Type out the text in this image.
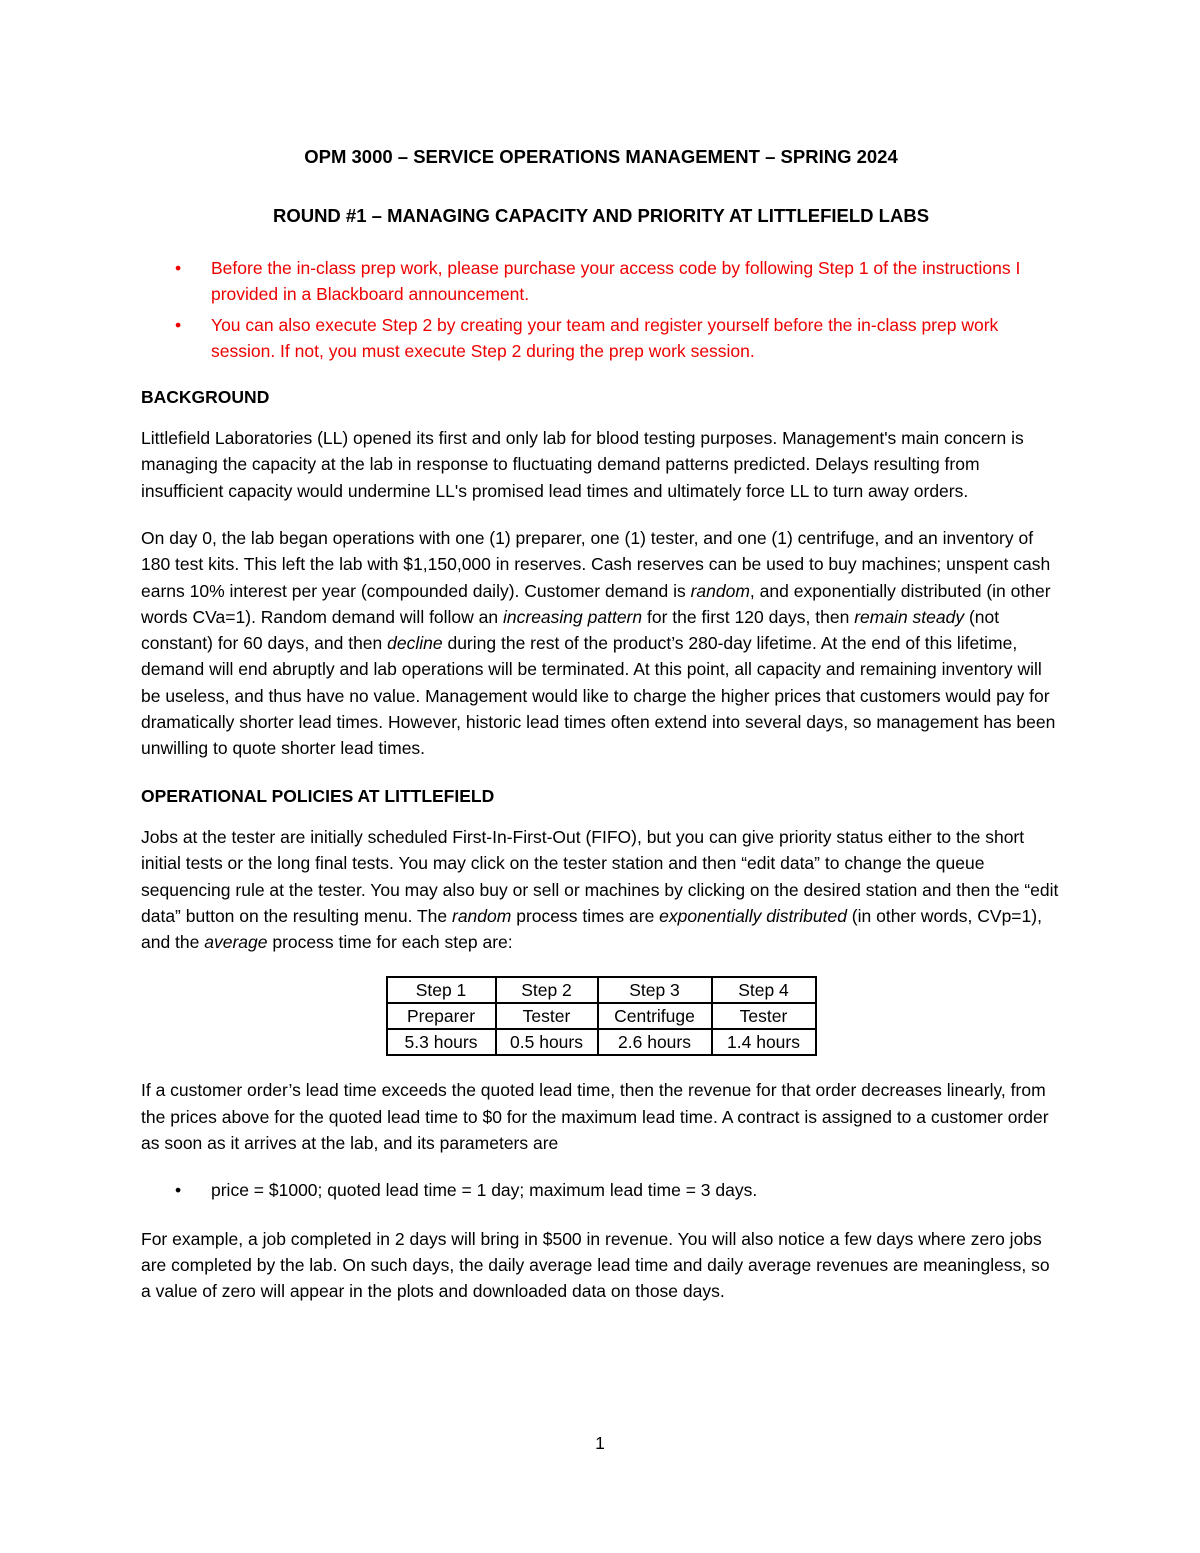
OPM 3000 – SERVICE OPERATIONS MANAGEMENT – SPRING 2024
ROUND #1 – MANAGING CAPACITY AND PRIORITY AT LITTLEFIELD LABS
• Before the in-class prep work, please purchase your access code by following Step 1 of the instructions I provided in a Blackboard announcement.
• You can also execute Step 2 by creating your team and register yourself before the in-class prep work session. If not, you must execute Step 2 during the prep work session.
BACKGROUND

Littlefield Laboratories (LL) opened its first and only lab for blood testing purposes. Management's main concern is managing the capacity at the lab in response to fluctuating demand patterns predicted. Delays resulting from insufficient capacity would undermine LL's promised lead times and ultimately force LL to turn away orders.

On day 0, the lab began operations with one (1) preparer, one (1) tester, and one (1) centrifuge, and an inventory of 180 test kits. This left the lab with $1,150,000 in reserves. Cash reserves can be used to buy machines; unspent cash earns 10% interest per year (compounded daily). Customer demand is random, and exponentially distributed (in other words CVa=1). Random demand will follow an increasing pattern for the first 120 days, then remain steady (not constant) for 60 days, and then decline during the rest of the product’s 280-day lifetime. At the end of this lifetime, demand will end abruptly and lab operations will be terminated. At this point, all capacity and remaining inventory will be useless, and thus have no value. Management would like to charge the higher prices that customers would pay for dramatically shorter lead times. However, historic lead times often extend into several days, so management has been unwilling to quote shorter lead times.

OPERATIONAL POLICIES AT LITTLEFIELD

Jobs at the tester are initially scheduled First-In-First-Out (FIFO), but you can give priority status either to the short initial tests or the long final tests. You may click on the tester station and then “edit data” to change the queue sequencing rule at the tester. You may also buy or sell or machines by clicking on the desired station and then the “edit data” button on the resulting menu. The random process times are exponentially distributed (in other words, CVp=1), and the average process time for each step are:

Step 1	Step 2	Step 3	Step 4
Preparer	Tester	Centrifuge	Tester
5.3 hours	0.5 hours	2.6 hours	1.4 hours

If a customer order’s lead time exceeds the quoted lead time, then the revenue for that order decreases linearly, from the prices above for the quoted lead time to $0 for the maximum lead time. A contract is assigned to a customer order as soon as it arrives at the lab, and its parameters are

• price = $1000; quoted lead time = 1 day; maximum lead time = 3 days.

For example, a job completed in 2 days will bring in $500 in revenue. You will also notice a few days where zero jobs are completed by the lab. On such days, the daily average lead time and daily average revenues are meaningless, so a value of zero will appear in the plots and downloaded data on those days.

1
